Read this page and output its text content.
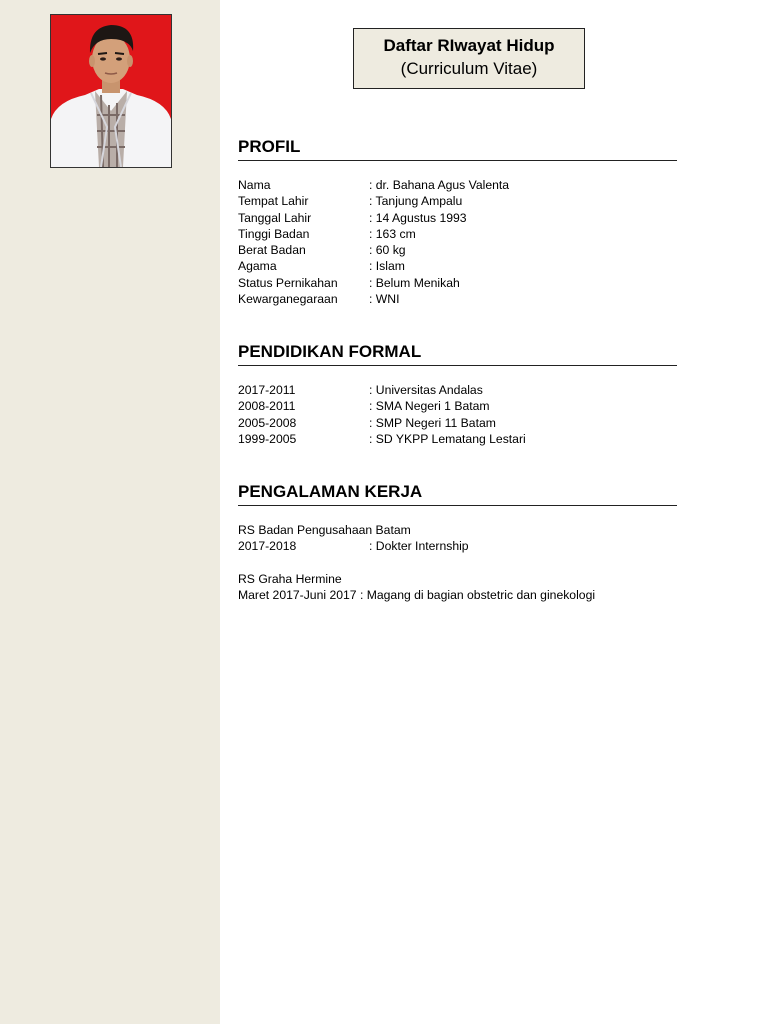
Daftar RIwayat Hidup
(Curriculum Vitae)
PROFIL
Nama	: dr. Bahana Agus Valenta
Tempat Lahir	: Tanjung Ampalu
Tanggal Lahir	: 14 Agustus 1993
Tinggi Badan	: 163 cm
Berat Badan	: 60 kg
Agama	: Islam
Status Pernikahan	: Belum Menikah
Kewarganegaraan	: WNI
PENDIDIKAN FORMAL
2017-2011	: Universitas Andalas
2008-2011	: SMA Negeri 1 Batam
2005-2008	: SMP Negeri 11 Batam
1999-2005	: SD YKPP Lematang Lestari
PENGALAMAN KERJA
RS Badan Pengusahaan Batam
2017-2018	: Dokter Internship
RS Graha Hermine
Maret 2017-Juni 2017 : Magang di bagian obstetric dan ginekologi
